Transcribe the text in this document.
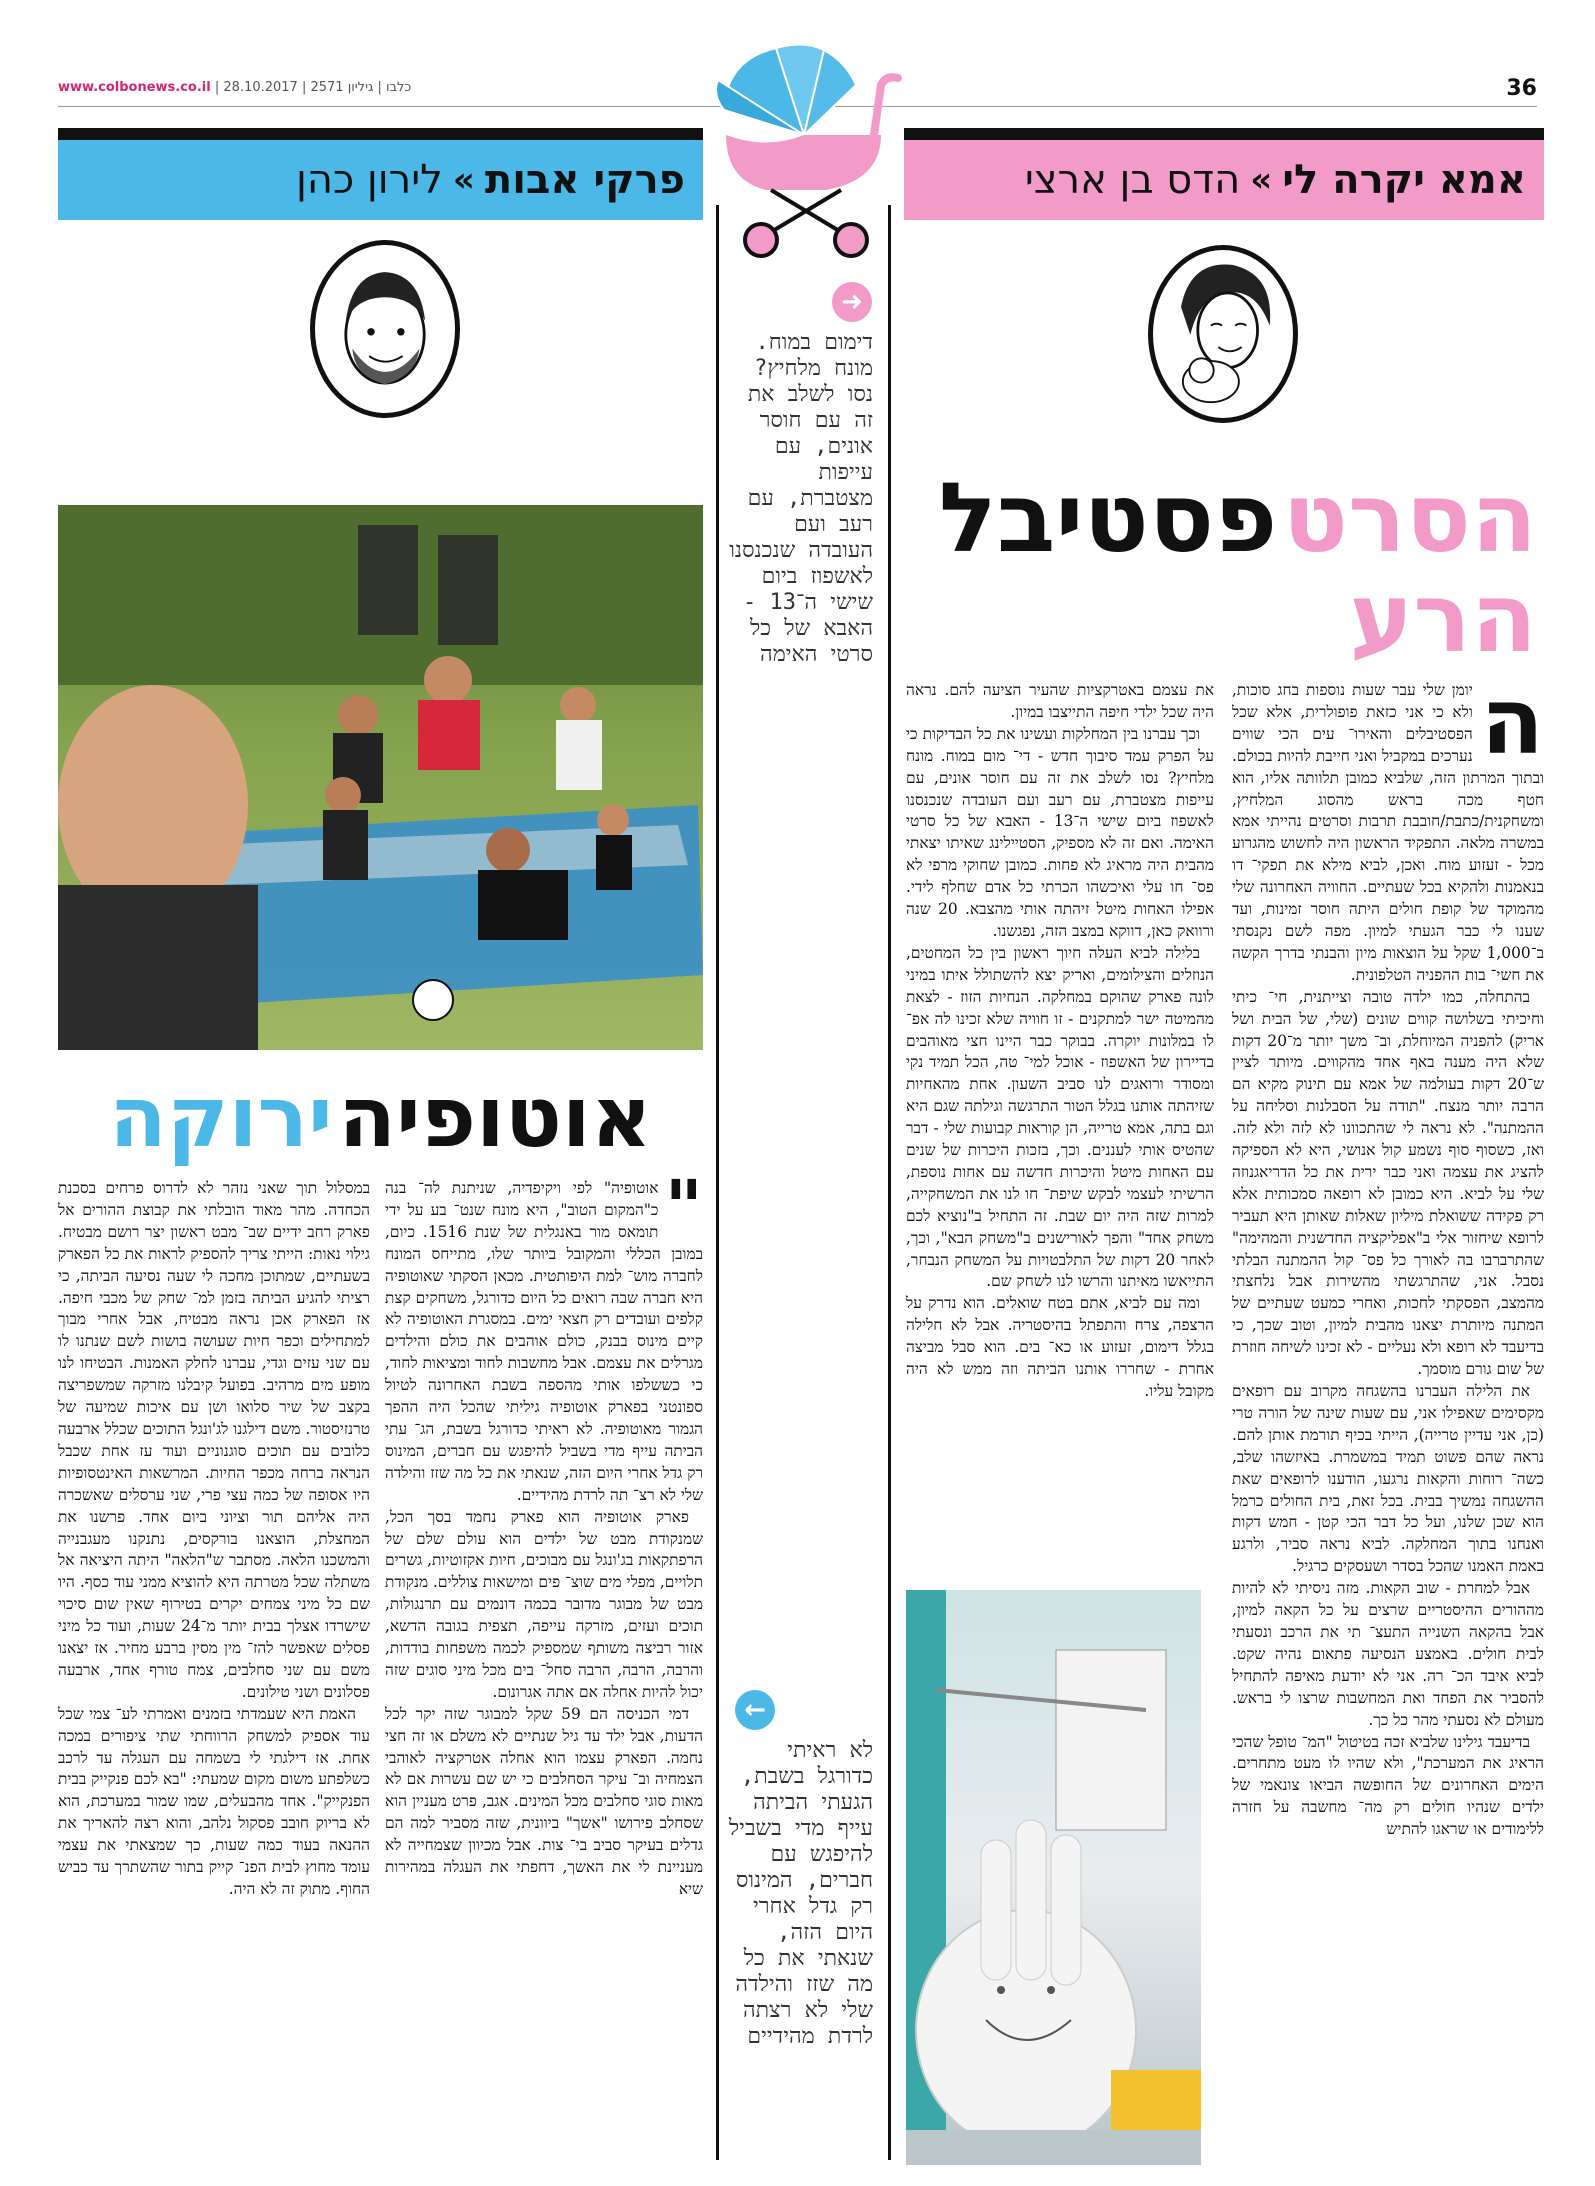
www.colbonews.co.il | כלבו | גיליון 2571 | 28.10.2017	36
פרקי אבות
»
לירון כהן	אמא יקרה לי
»
הדס בן ארצי
הסרט פסטיבל
הרע
אוטופיה ירוקה
➜
דימום במוח. מונח מלחיץ? נסו לשלב את זה עם חוסר אונים, עם עייפות מצטברת, עם רעב ועם העובדה שנכנסנו לאשפוז ביום שישי ה־13 - האבא של כל סרטי האימה
←
לא ראיתי כדורגל בשבת, הגעתי הביתה עייף מדי בשביל להיפגש עם חברים, המינוס רק גדל אחרי היום הזה, שנאתי את כל מה שזז והילדה שלי לא רצתה לרדת מהידיים
ה

יומן שלי עבר שעות נוספות בחג סוכות, ולא כי אני כזאת פופולרית, אלא שכל הפסטיבלים והאירו־ עים הכי שווים נערכים במקביל ואני חייבת להיות בכולם. ובתוך המרתון הזה, שלביא כמובן תלוותה אליו, הוא חטף מכה בראש מהסוג המלחיץ, ומשחקנית/כתבת/חובבת תרבות וסרטים נהייתי אמא במשרה מלאה. התפקיד הראשון היה לחשוש מהגרוע מכל - זעזוע מוח. ואכן, לביא מילא את תפקי־ דו בנאמנות ולהקיא בכל שעתיים. החוויה האחרונה שלי מהמוקד של קופת חולים היתה חוסר זמינות, ועד שענו לי כבר הגעתי למיון. מפה לשם נקנסתי ב־1,000 שקל על הוצאות מיון והבנתי בדרך הקשה את חשי־ בות ההפניה הטלפונית.

בהתחלה, כמו ילדה טובה וצייתנית, חי־ כיתי וחיכיתי בשלושה קווים שונים (שלי, של הבית ושל אריק) להפניה המיוחלת, וב־ משך יותר מ־20 דקות שלא היה מענה באף אחד מהקווים. מיותר לציין ש־20 דקות בעולמה של אמא עם תינוק מקיא הם הרבה יותר מנצח. "תודה על הסבלנות וסליחה על ההמתנה". לא נראה לי שהתכוונו לא לזה ולא לזה. ואז, כשסוף סוף נשמע קול אנושי, היא לא הספיקה להציג את עצמה ואני כבר ירית את כל הדריאגנוזה שלי על לביא. היא כמובן לא רופאה סמכותית אלא רק פקידה ששואלת מיליון שאלות שאותן היא תעביר לרופא שיחזור אלי ב"אפליקציה החדשנית והמהימה" שהתרברבו בה לאורך כל פס־ קול ההמתנה הבלתי נסבל. אני, שהתרגשתי מהשירות אבל נלחצתי מהמצב, הפסקתי לחכות, ואחרי כמעט שעתיים של המתנה מיותרת יצאנו מהבית למיון, וטוב שכך, כי בדיעבד לא רופא ולא נעליים - לא זכינו לשיחה חוזרת של שום גורם מוסמך.

את הלילה העברנו בהשגחה מקרוב עם רופאים מקסימים שאפילו אני, עם שעות שינה של הורה טרי (כן, אני עדיין טרייה), הייתי בכיף תורמת אותן להם. נראה שהם פשוט תמיד במשמרת. באיזשהו שלב, כשה־ רוחות והקאות נרגעו, הודענו לרופאים שאת ההשגחה נמשיך בבית. בכל זאת, בית החולים כרמל הוא שכן שלנו, ועל כל דבר הכי קטן - חמש דקות ואנחנו בתוך המחלקה. לביא נראה סביר, ולרגע באמת האמנו שהכל בסדר ושעסקים כרגיל.

אבל למחרת - שוב הקאות. מזה ניסיתי לא להיות מההורים ההיסטריים שרצים על כל הקאה למיון, אבל בהקאה השנייה התעצ־ תי את הרכב ונסעתי לבית חולים. באמצע הנסיעה פתאום נהיה שקט. לביא איבד הכ־ רה. אני לא יודעת מאיפה להתחיל להסביר את הפחד ואת המחשבות שרצו לי בראש. מעולם לא נסעתי מהר כל כך.

בדיעבד גילינו שלביא זכה בטיטול "המ־ טופל שהכי הראיג את המערכת", ולא שהיו לו מעט מתחרים. הימים האחרונים של החופשה הביאו צונאמי של ילדים שנהיו חולים רק מה־ מחשבה על חזרה ללימודים או שראגו להתיש

את עצמם באטרקציות שהעיר הציעה להם. נראה היה שכל ילדי חיפה התייצבו במיון.

וכך עברנו בין המחלקות ועשינו את כל הבדיקות כי על הפרק עמד סיבוך חדש - די־ מום במוח. מונח מלחיץ? נסו לשלב את זה עם חוסר אונים, עם עייפות מצטברת, עם רעב ועם העובדה שנכנסנו לאשפוז ביום שישי ה־13 - האבא של כל סרטי האימה. ואם זה לא מספיק, הסטיילינג שאיתו יצאתי מהבית היה מראיג לא פחות. כמובן שחוקי מרפי לא פס־ חו עלי ואיכשהו הכרתי כל אדם שחלף לידי. אפילו האחות מיטל זיהתה אותי מהצבא. 20 שנה ורוואק כאן, דווקא במצב הזה, נפגשנו.

בלילה לביא העלה חיוך ראשון בין כל המחטים, הנוזלים והצילומים, ואריק יצא להשתולל איתו במיני לונה פארק שהוקם במחלקה. הנחיות הזוז - לצאת מהמיטה ישר למתקנים - זו חוויה שלא זכינו לה אפ־ לו במלונות יוקרה. בבוקר כבר היינו חצי מאוהבים בדיירון של האשפוז - אוכל למי־ טה, הכל תמיד נקי ומסודר ורואגים לנו סביב השעון. אחת מהאחיות שזיהתה אותנו בגלל הטור התרגשה וגילתה שגם היא וגם בתה, אמא טרייה, הן קוראות קבועות שלי - דבר שהטיס אותי לעננים. וכך, בזכות היכרות של שנים עם האחות מיטל והיכרות חדשה עם אחות נוספת, הרשיתי לעצמי לבקש שיפת־ חו לנו את המשחקייה, למרות שזה היה יום שבת. זה התחיל ב"נוציא לכם משחק אחד" והפך לאורישנים ב"משחק הבא", וכך, לאחר 20 דקות של התלבטויות על המשחק הנבחר, התייאשו מאיתנו והרשו לנו לשחק שם.

ומה עם לביא, אתם בטח שואלים. הוא נדרק על הרצפה, צרח והתפתל בהיסטריה. אבל לא חלילה בגלל דימום, זעזוע או כא־ בים. הוא סבל מביצה אחרת - שחררו אותנו הביתה וזה ממש לא היה מקובל עליו.

"

אוטופיה" לפי ויקיפדיה, שניתנת לה־ בנה כ"המקום הטוב", היא מונח שנט־ בע על ידי תומאס מור באנגלית של שנת 1516. כיום, במובן הכללי והמקובל ביותר שלו, מתייחס המונח לחברה מוש־ למת היפותטית. מכאן הסקתי שאוטופיה היא חברה שבה רואים כל היום כדורגל, משחקים קצת קלפים ועובדים רק חצאי ימים. במסגרת האוטופיה לא קיים מינוס בבנק, כולם אוהבים את כולם והילדים מגרלים את עצמם. אבל מחשבות לחוד ומציאות לחוד, כי כששלפו אותי מהספה בשבת האחרונה לטיול ספונטני בפארק אוטופיה גיליתי שהכל היה ההפך הגמור מאוטופיה. לא ראיתי כדורגל בשבת, הג־ עתי הביתה עייף מדי בשביל להיפגש עם חברים, המינוס רק גדל אחרי היום הזה, שנאתי את כל מה שזז והילדה שלי לא רצ־ תה לרדת מהידיים.

פארק אוטופיה הוא פארק נחמד בסך הכל, שמנקודת מבט של ילדים הוא עולם שלם של הרפתקאות בג'ונגל עם מבוכים, חיות אקזוטיות, גשרים תלויים, מפלי מים שוצ־ פים ומישאות צוללים. מנקודת מבט של מבוגר מדובר בכמה דונמים עם תרנגולות, תוכים ועזים, מזרקה עייפה, תצפית בגובה הדשא, אזור רביצה משותף שמספיק לכמה משפחות בודדות, והרבה, הרבה, הרבה סחל־ בים מכל מיני סוגים שזה יכול להיות אחלה אם אתה אגרונום.

דמי הכניסה הם 59 שקל למבוגר שזה יקר לכל הדעות, אבל ילד עד גיל שנתיים לא משלם או זה חצי נחמה. הפארק עצמו הוא אחלה אטרקציה לאוהבי הצמחיה וב־ עיקר הסחלבים כי יש שם עשרות אם לא מאות סוגי סחלבים מכל המינים. אגב, פרט מעניין הוא שסחלב פירושו "אשך" ביוונית, שזה מסביר למה הם גדלים בעיקר סביב בי־ צות. אבל מכיוון שצמחייה לא מעניינת לי את האשך, דחפתי את העגלה במהירות שיא

במסלול תוך שאני נזהר לא לדרוס פרחים בסכנת הכחדה. מהר מאוד הובלתי את קבוצת ההורים אל פארק רחב ידיים שב־ מבט ראשון יצר רושם מבטיח. גילוי נאות: הייתי צריך להספיק לראות את כל הפארק בשעתיים, שמתוכן מחכה לי שעה נסיעה הביתה, כי רציתי להגיע הביתה בזמן למ־ שחק של מכבי חיפה. אז הפארק אכן נראה מבטיח, אבל אחרי מבוך למתחילים וכפר חיות שעושה בושות לשם שנתנו לו עם שני עזים וגדי, עברנו לחלק האמנות. הבטיחו לנו מופע מים מרהיב. בפועל קיבלנו מזרקה שמשפריצה בקצב של שיר סלואו ושן עם איכות שמיעה של טרנזיסטור. משם דילגנו לג'ונגל התוכים שכלל ארבעה כלובים עם תוכים סוגנוניים ועוד עז אחת שכבל הנראה ברחה מכפר החיות. המרשאות האינטסופיות היו אסופה של כמה עצי פרי, שני ערסלים שאשכרה היה אליהם תור וציוני ביום אחד. פרשנו את המחצלת, הוצאנו בורקסים, נתנקנו מעגבנייה והמשכנו הלאה. מסתבר ש"הלאה" היתה היציאה אל משתלה שכל מטרתה היא להוציא ממני עוד כסף. היו שם כל מיני צמחים יקרים בטירוף שאין שום סיכוי שישרדו אצלך בבית יותר מ־24 שעות, ועוד כל מיני פסלים שאפשר להז־ מין מסין ברבע מחיר. אז יצאנו משם עם שני סחלבים, צמח טורף אחד, ארבעה פסלונים ושני טילונים.

האמת היא שעמדתי בזמנים ואמרתי לע־ צמי שכל עוד אספיק למשחק הרווחתי שתי ציפורים במכה אחת. אז דילגתי לי בשמחה עם העגלה עד לרכב כשלפתע משום מקום שמעתי: "בא לכם פנקייק בבית הפנקייק". אחד מהבעלים, שמו שמור במערכת, הוא לא בריוק חובב פסקול נלהב, והוא רצה להאריך את ההנאה בעוד כמה שעות, כך שמצאתי את עצמי עומד מחוץ לבית הפנ־ קייק בתור שהשתרך עד כביש החוף. מתוק זה לא היה.
